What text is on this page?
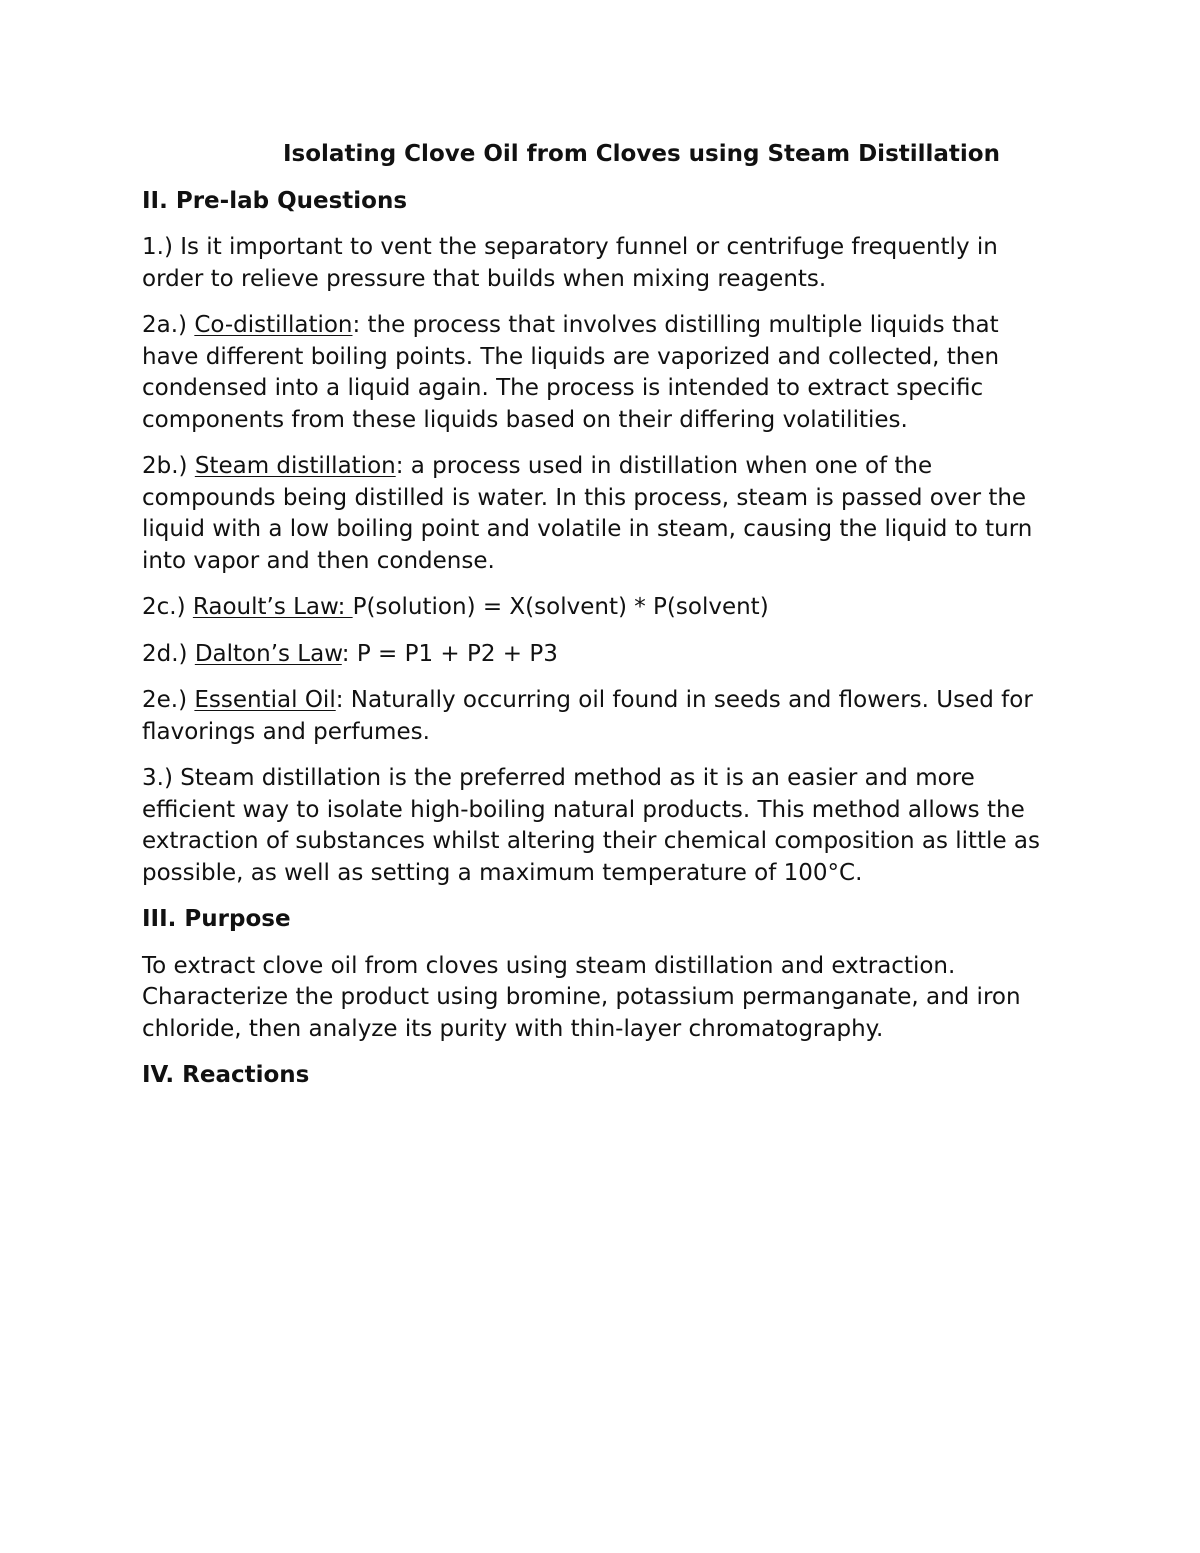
Isolating Clove Oil from Cloves using Steam Distillation
II. Pre-lab Questions

1.) Is it important to vent the separatory funnel or centrifuge frequently in order to relieve pressure that builds when mixing reagents.

2a.) Co-distillation: the process that involves distilling multiple liquids that have different boiling points. The liquids are vaporized and collected, then condensed into a liquid again. The process is intended to extract specific components from these liquids based on their differing volatilities.

2b.) Steam distillation: a process used in distillation when one of the compounds being distilled is water. In this process, steam is passed over the liquid with a low boiling point and volatile in steam, causing the liquid to turn into vapor and then condense.

2c.) Raoult’s Law: P(solution) = X(solvent) * P(solvent)

2d.) Dalton’s Law: P = P1 + P2 + P3

2e.) Essential Oil: Naturally occurring oil found in seeds and flowers. Used for flavorings and perfumes.

3.) Steam distillation is the preferred method as it is an easier and more efficient way to isolate high-boiling natural products. This method allows the extraction of substances whilst altering their chemical composition as little as possible, as well as setting a maximum temperature of 100°C.

III. Purpose

To extract clove oil from cloves using steam distillation and extraction. Characterize the product using bromine, potassium permanganate, and iron chloride, then analyze its purity with thin-layer chromatography.

IV. Reactions
